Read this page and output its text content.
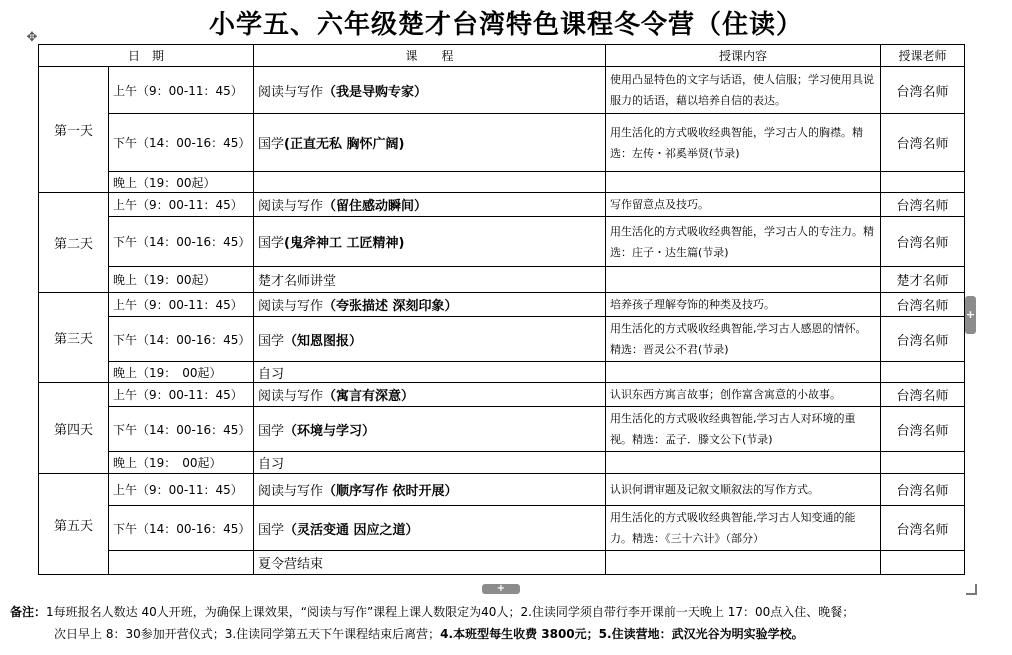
小学五、六年级楚才台湾特色课程冬令营（住读）
✥
日　期		课　　程	授课内容	授课老师
第一天	上午（9：00-11：45）	阅读与写作（我是导购专家）	使用凸显特色的文字与话语，使人信服；学习使用具说服力的话语，藉以培养自信的表达。	台湾名师
	下午（14：00-16：45）	国学(正直无私 胸怀广阔)	用生活化的方式吸收经典智能，学习古人的胸襟。精选：左传・祁奚举贤(节录)	台湾名师
	晚上（19：00起）			
第二天	上午（9：00-11：45）	阅读与写作（留住感动瞬间）	写作留意点及技巧。	台湾名师
	下午（14：00-16：45）	国学(鬼斧神工 工匠精神)	用生活化的方式吸收经典智能，学习古人的专注力。精选：庄子・达生篇(节录)	台湾名师
	晚上（19：00起）	楚才名师讲堂		楚才名师
第三天	上午（9：00-11：45）	阅读与写作（夸张描述 深刻印象）	培养孩子理解夸饰的种类及技巧。	台湾名师
	下午（14：00-16：45）	国学（知恩图报）	用生活化的方式吸收经典智能,学习古人感恩的情怀。精选：晋灵公不君(节录)	台湾名师
	晚上（19：　00起）	自习		
第四天	上午（9：00-11：45）	阅读与写作（寓言有深意）	认识东西方寓言故事；创作富含寓意的小故事。	台湾名师
	下午（14：00-16：45）	国学（环境与学习）	用生活化的方式吸收经典智能,学习古人对环境的重视。精选：孟子．滕文公下(节录)	台湾名师
	晚上（19：　00起）	自习		
第五天	上午（9：00-11：45）	阅读与写作（顺序写作 依时开展）	认识何谓审题及记叙文顺叙法的写作方式。	台湾名师
	下午（14：00-16：45）	国学（灵活变通 因应之道）	用生活化的方式吸收经典智能,学习古人知变通的能力。精选：《三十六计》（部分）	台湾名师
		夏令营结束		
+
+
备注：1每班报名人数达 40人开班，为确保上课效果，“阅读与写作”课程上课人数限定为40人；2.住读同学须自带行李开课前一天晚上 17：00点入住、晚餐；
次日早上 8：30参加开营仪式；3.住读同学第五天下午课程结束后离营；4.本班型每生收费 3800元；5.住读营地：武汉光谷为明实验学校。
